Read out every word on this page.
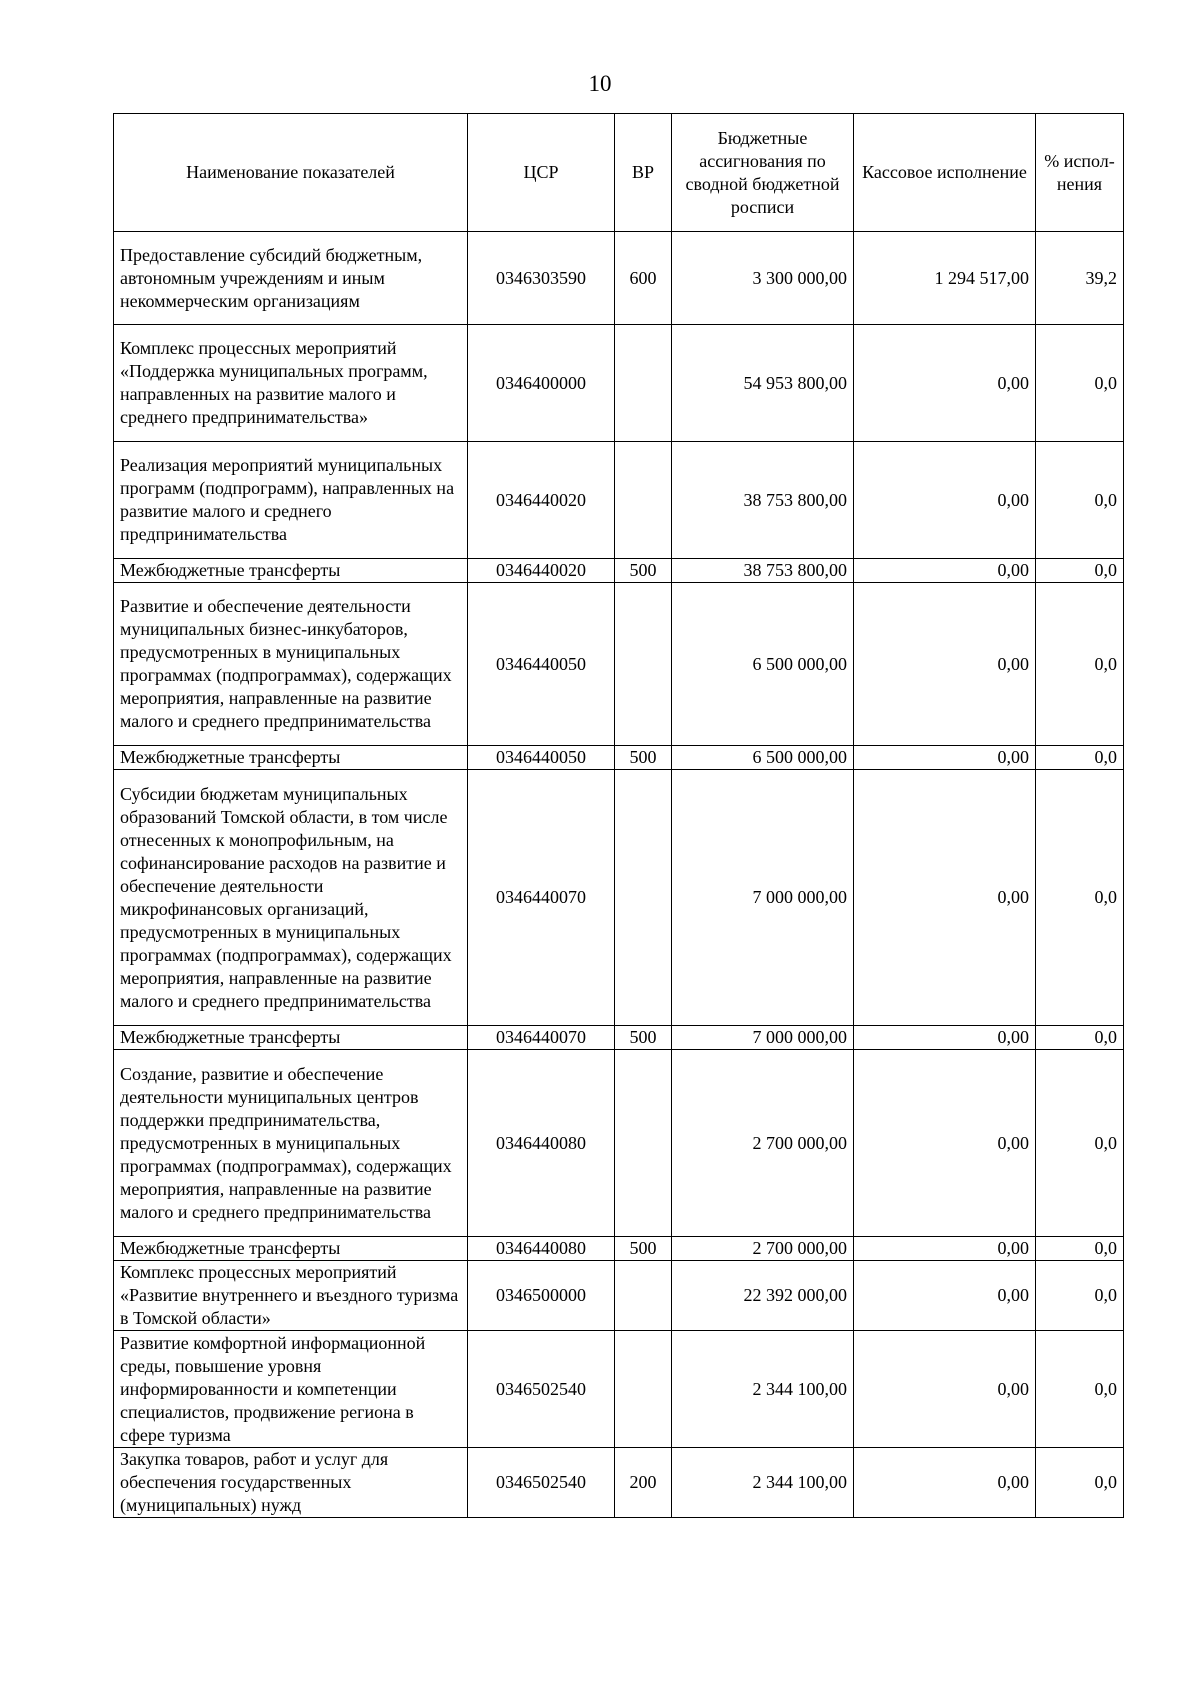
10
Наименование показателей	ЦСР	ВР	Бюджетные ассигнования по сводной бюджетной росписи	Кассовое исполнение	% испол-нения
Предоставление субсидий бюджетным, автономным учреждениям и иным некоммерческим организациям	0346303590	600	3 300 000,00	1 294 517,00	39,2
Комплекс процессных мероприятий «Поддержка муниципальных программ, направленных на развитие малого и среднего предпринимательства»	0346400000		54 953 800,00	0,00	0,0
Реализация мероприятий муниципальных программ (подпрограмм), направленных на развитие малого и среднего предпринимательства	0346440020		38 753 800,00	0,00	0,0
Межбюджетные трансферты	0346440020	500	38 753 800,00	0,00	0,0
Развитие и обеспечение деятельности муниципальных бизнес-инкубаторов, предусмотренных в муниципальных программах (подпрограммах), содержащих мероприятия, направленные на развитие малого и среднего предпринимательства	0346440050		6 500 000,00	0,00	0,0
Межбюджетные трансферты	0346440050	500	6 500 000,00	0,00	0,0
Субсидии бюджетам муниципальных образований Томской области, в том числе отнесенных к монопрофильным, на софинансирование расходов на развитие и обеспечение деятельности микрофинансовых организаций, предусмотренных в муниципальных программах (подпрограммах), содержащих мероприятия, направленные на развитие малого и среднего предпринимательства	0346440070		7 000 000,00	0,00	0,0
Межбюджетные трансферты	0346440070	500	7 000 000,00	0,00	0,0
Создание, развитие и обеспечение деятельности муниципальных центров поддержки предпринимательства, предусмотренных в муниципальных программах (подпрограммах), содержащих мероприятия, направленные на развитие малого и среднего предпринимательства	0346440080		2 700 000,00	0,00	0,0
Межбюджетные трансферты	0346440080	500	2 700 000,00	0,00	0,0
Комплекс процессных мероприятий «Развитие внутреннего и въездного туризма в Томской области»	0346500000		22 392 000,00	0,00	0,0
Развитие комфортной информационной среды, повышение уровня информированности и компетенции специалистов, продвижение региона в сфере туризма	0346502540		2 344 100,00	0,00	0,0
Закупка товаров, работ и услуг для обеспечения государственных (муниципальных) нужд	0346502540	200	2 344 100,00	0,00	0,0
